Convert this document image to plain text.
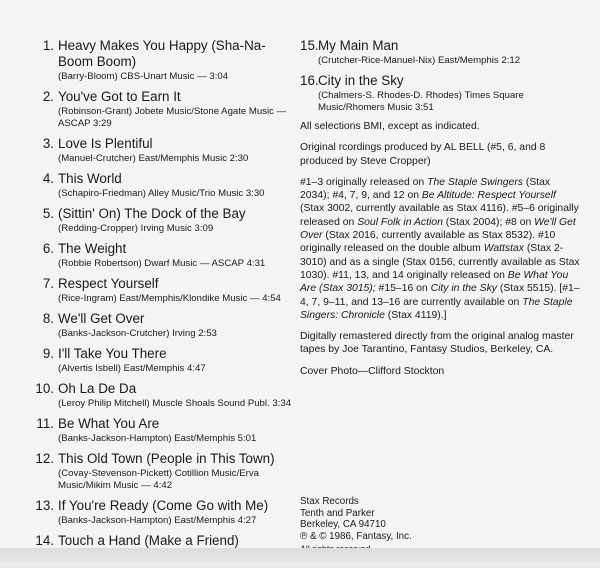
1. Heavy Makes You Happy (Sha-Na-Boom Boom)
(Barry-Bloom) CBS-Unart Music — 3:04
2. You've Got to Earn It
(Robinson-Grant) Jobete Music/Stone Agate Music — ASCAP 3:29
3. Love Is Plentiful
(Manuel-Crutcher) East/Memphis Music 2:30
4. This World
(Schapiro-Friedman) Alley Music/Trio Music 3:30
5. (Sittin' On) The Dock of the Bay
(Redding-Cropper) Irving Music 3:09
6. The Weight
(Robbie Robertson) Dwarf Music — ASCAP 4:31
7. Respect Yourself
(Rice-Ingram) East/Memphis/Klondike Music — 4:54
8. We'll Get Over
(Banks-Jackson-Crutcher) Irving 2:53
9. I'll Take You There
(Alvertis Isbell) East/Memphis 4:47
10. Oh La De Da
(Leroy Philip Mitchell) Muscle Shoals Sound Publ. 3:34
11. Be What You Are
(Banks-Jackson-Hampton) East/Memphis 5:01
12. This Old Town (People in This Town)
(Covay-Stevenson-Pickett) Cotillion Music/Erva Music/Mikim Music — 4:42
13. If You're Ready (Come Go with Me)
(Banks-Jackson-Hampton) East/Memphis 4:27
14. Touch a Hand (Make a Friend)
15. My Main Man
(Crutcher-Rice-Manuel-Nix) East/Memphis 2:12
16. City in the Sky
(Chalmers-S. Rhodes-D. Rhodes) Times Square Music/Rhomers Music 3:51
All selections BMI, except as indicated.
Original rcordings produced by AL BELL (#5, 6, and 8 produced by Steve Cropper)
#1–3 originally released on The Staple Swingers (Stax 2034); #4, 7, 9, and 12 on Be Altitude: Respect Yourself (Stax 3002, currently available as Stax 4116). #5–6 originally released on Soul Folk in Action (Stax 2004); #8 on We'll Get Over (Stax 2016, currently available as Stax 8532). #10 originally released on the double album Wattstax (Stax 2-3010) and as a single (Stax 0156, currently available as Stax 1030). #11, 13, and 14 originally released on Be What You Are (Stax 3015); #15–16 on City in the Sky (Stax 5515). [#1–4, 7, 9–11, and 13–16 are currently available on The Staple Singers: Chronicle (Stax 4119).]
Digitally remastered directly from the original analog master tapes by Joe Tarantino, Fantasy Studios, Berkeley, CA.
Cover Photo—Clifford Stockton
Stax Records
Tenth and Parker
Berkeley, CA 94710
℗ & © 1986, Fantasy, Inc.
